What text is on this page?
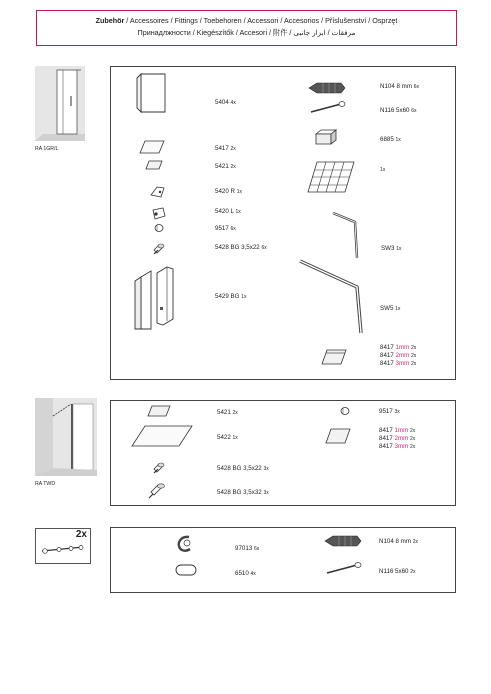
Zubehör / Accessoires / Fittings / Toebehoren / Accessori / Accesorios / Příslušenství / Osprzęt
Принадлжности / Kiegészítők / Accesori / 附件 / مرفقات / ابزار جانبی
RA 1GR/L
5404 4x
5417 2x
5421 2x
5420 R 1x
5420 L 1x
9517 6x
5428 BG 3,5x22 6x
5429 BG 1x
N104 8 mm 6x
N116 5x60 6x
6885 1x
1x
SW3 1x
SW5 1x
8417 1mm 2x
8417 2mm 2x
8417 3mm 2x
RA TWD
5421 2x
5422 1x
5428 BG 3,5x22 3x
5428 BG 3,5x32 3x
9517 3x
8417 1mm 2x
8417 2mm 2x
8417 3mm 2x
2x
97013 6x
6510 4x
N104 8 mm 2x
N116 5x60 2x
